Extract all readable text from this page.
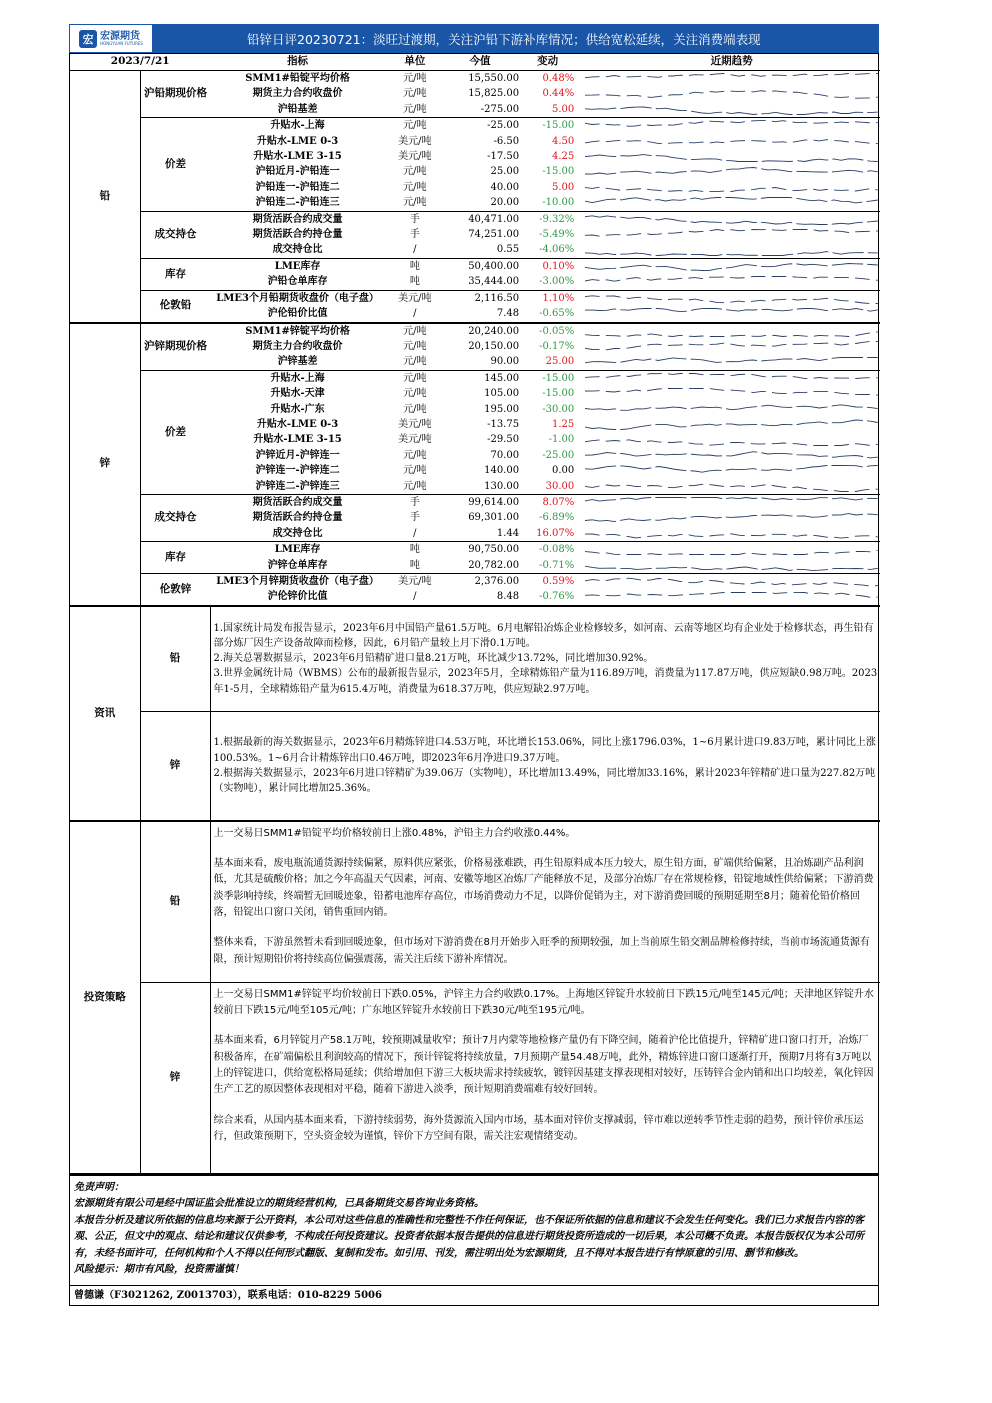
宏 宏源期货
HONGYUAN FUTURES	铅锌日评20230721：淡旺过渡期，关注沪铅下游补库情况；供给宽松延续，关注消费端表现
2023/7/21		指标	单位	今值	变动	近期趋势
铅	沪铅期现价格	SMM1#铅锭平均价格	元/吨	15,550.00	0.48%	

		期货主力合约收盘价	元/吨	15,825.00	0.44%	

		沪铅基差	元/吨	-275.00	5.00	

	价差	升贴水-上海	元/吨	-25.00	-15.00	

		升贴水-LME 0-3	美元/吨	-6.50	4.50	

		升贴水-LME 3-15	美元/吨	-17.50	4.25	

		沪铅近月-沪铅连一	元/吨	25.00	-15.00	

		沪铅连一-沪铅连二	元/吨	40.00	5.00	

		沪铅连二-沪铅连三	元/吨	20.00	-10.00	

	成交持仓	期货活跃合约成交量	手	40,471.00	-9.32%	

		期货活跃合约持仓量	手	74,251.00	-5.49%	

		成交持仓比	/	0.55	-4.06%	

	库存	LME库存	吨	50,400.00	0.10%	

		沪铅仓单库存	吨	35,444.00	-3.00%	

	伦敦铅	LME3个月铅期货收盘价（电子盘）	美元/吨	2,116.50	1.10%	

		沪伦铅价比值	/	7.48	-0.65%	

锌	沪锌期现价格	SMM1#锌锭平均价格	元/吨	20,240.00	-0.05%	

		期货主力合约收盘价	元/吨	20,150.00	-0.17%	

		沪锌基差	元/吨	90.00	25.00	

	价差	升贴水-上海	元/吨	145.00	-15.00	

		升贴水-天津	元/吨	105.00	-15.00	

		升贴水-广东	元/吨	195.00	-30.00	

		升贴水-LME 0-3	美元/吨	-13.75	1.25	

		升贴水-LME 3-15	美元/吨	-29.50	-1.00	

		沪锌近月-沪锌连一	元/吨	70.00	-25.00	

		沪锌连一-沪锌连二	元/吨	140.00	0.00	

		沪锌连二-沪锌连三	元/吨	130.00	30.00	

	成交持仓	期货活跃合约成交量	手	99,614.00	8.07%	

		期货活跃合约持仓量	手	69,301.00	-6.89%	

		成交持仓比	/	1.44	16.07%	

	库存	LME库存	吨	90,750.00	-0.08%	

		沪锌仓单库存	吨	20,782.00	-0.71%	

	伦敦锌	LME3个月锌期货收盘价（电子盘）	美元/吨	2,376.00	0.59%	

		沪伦锌价比值	/	8.48	-0.76%	
资讯	铅	1.国家统计局发布报告显示，2023年6月中国铅产量61.5万吨。6月电解铅冶炼企业检修较多，如河南、云南等地区均有企业处于检修状态，再生铅有部分炼厂因生产设备故障而检修，因此，6月铅产量较上月下滑0.1万吨。
2.海关总署数据显示，2023年6月铅精矿进口量8.21万吨，环比减少13.72%，同比增加30.92%。
3.世界金属统计局（WBMS）公布的最新报告显示，2023年5月，全球精炼铅产量为116.89万吨，消费量为117.87万吨，供应短缺0.98万吨。2023年1-5月，全球精炼铅产量为615.4万吨，消费量为618.37万吨，供应短缺2.97万吨。
	锌	1.根据最新的海关数据显示，2023年6月精炼锌进口4.53万吨，环比增长153.06%，同比上涨1796.03%，1~6月累计进口9.83万吨，累计同比上涨100.53%。1~6月合计精炼锌出口0.46万吨，即2023年6月净进口9.37万吨。
2.根据海关数据显示，2023年6月进口锌精矿为39.06万（实物吨），环比增加13.49%，同比增加33.16%，累计2023年锌精矿进口量为227.82万吨（实物吨），累计同比增加25.36%。
投资策略	铅	上一交易日SMM1#铅锭平均价格较前日上涨0.48%，沪铅主力合约收涨0.44%。

基本面来看，废电瓶流通货源持续偏紧，原料供应紧张，价格易涨难跌，再生铅原料成本压力较大，原生铅方面，矿端供给偏紧，且冶炼副产品利润低，尤其是硫酸价格；加之今年高温天气因素，河南、安徽等地区冶炼厂产能释放不足，及部分冶炼厂存在常规检修，铅锭地域性供给偏紧；下游消费淡季影响持续，终端暂无回暖迹象，铅蓄电池库存高位，市场消费动力不足，以降价促销为主，对下游消费回暖的预期延期至8月；随着伦铅价格回落，铅锭出口窗口关闭，销售重回内销。

整体来看，下游虽然暂未看到回暖迹象，但市场对下游消费在8月开始步入旺季的预期较强，加上当前原生铅交割品牌检修持续，当前市场流通货源有限，预计短期铅价将持续高位偏强震荡，需关注后续下游补库情况。

	锌	上一交易日SMM1#锌锭平均价较前日下跌0.05%，沪锌主力合约收跌0.17%。上海地区锌锭升水较前日下跌15元/吨至145元/吨；天津地区锌锭升水较前日下跌15元/吨至105元/吨；广东地区锌锭升水较前日下跌30元/吨至195元/吨。

基本面来看，6月锌锭月产58.1万吨，较预期减量收窄；预计7月内蒙等地检修产量仍有下降空间，随着沪伦比值提升，锌精矿进口窗口打开，冶炼厂积极备库，在矿端偏松且利润较高的情况下，预计锌锭将持续放量，7月预期产量54.48万吨，此外，精炼锌进口窗口逐渐打开，预期7月将有3万吨以上的锌锭进口，供给宽松格局延续；供给增加但下游三大板块需求持续疲软，镀锌因基建支撑表现相对较好，压铸锌合金内销和出口均较差，氧化锌因生产工艺的原因整体表现相对平稳，随着下游进入淡季，预计短期消费端难有较好回转。

综合来看，从国内基本面来看，下游持续弱势，海外货源流入国内市场，基本面对锌价支撑减弱，锌市难以逆转季节性走弱的趋势，预计锌价承压运行，但政策预期下，空头资金较为谨慎，锌价下方空间有限，需关注宏观情绪变动。

免责声明：

宏源期货有限公司是经中国证监会批准设立的期货经营机构，已具备期货交易咨询业务资格。

本报告分析及建议所依据的信息均来源于公开资料，本公司对这些信息的准确性和完整性不作任何保证，也不保证所依据的信息和建议不会发生任何变化。我们已力求报告内容的客观、公正，但文中的观点、结论和建议仅供参考，不构成任何投资建议。投资者依据本报告提供的信息进行期货投资所造成的一切后果，本公司概不负责。本报告版权仅为本公司所有，未经书面许可，任何机构和个人不得以任何形式翻版、复制和发布。如引用、刊发，需注明出处为宏源期货，且不得对本报告进行有悖原意的引用、删节和修改。

风险提示：期市有风险，投资需谨慎！

曾德谦（F3021262, Z0013703），联系电话：010-8229 5006
